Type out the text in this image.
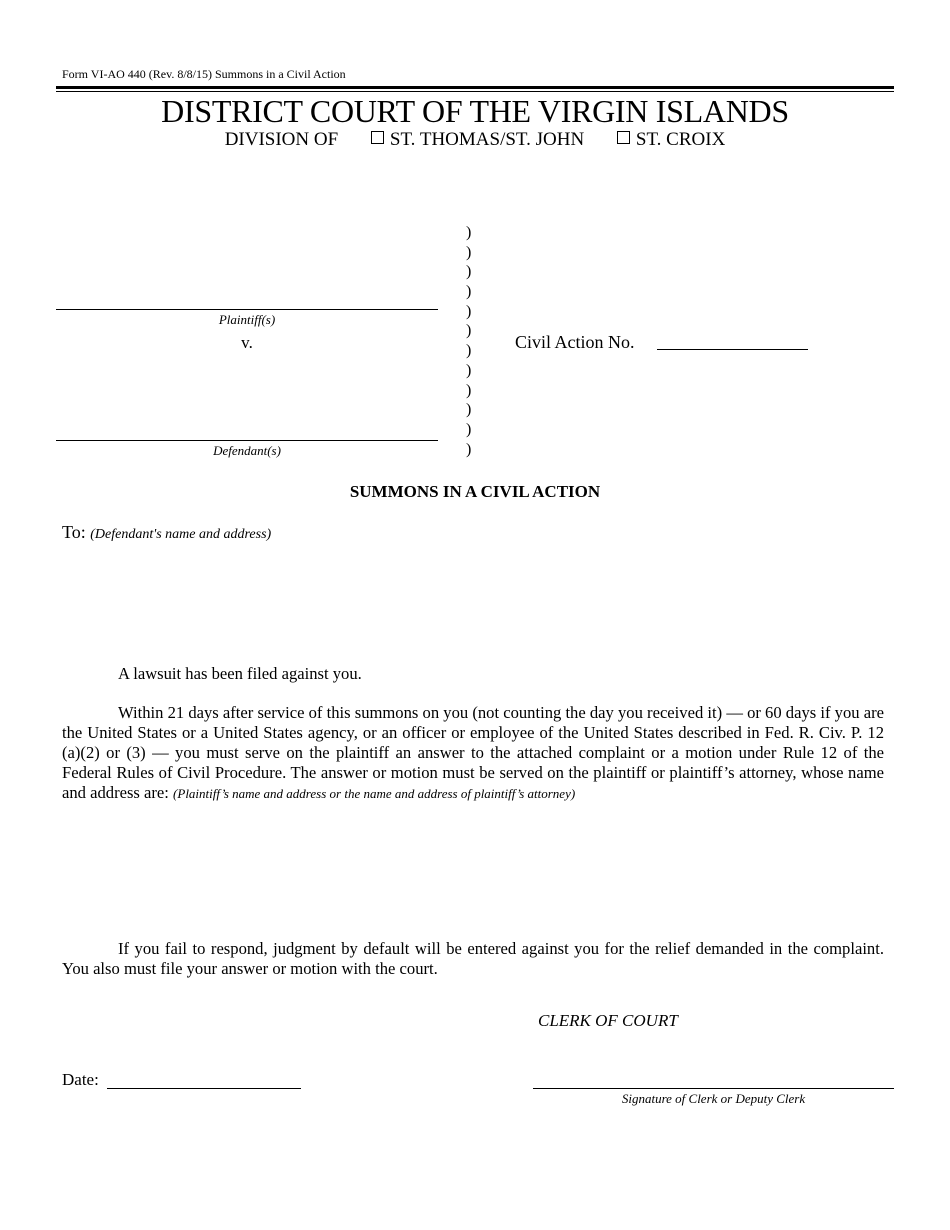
Form VI-AO 440 (Rev. 8/8/15) Summons in a Civil Action
DISTRICT COURT OF THE VIRGIN ISLANDS
DIVISION OF	ST. THOMAS/ST. JOHN	ST. CROIX
Plaintiff(s)
v.
Defendant(s)
)
)
)
)
)
)
)
)
)
)
)
)
Civil Action No.
SUMMONS IN A CIVIL ACTION
To: (Defendant's name and address)
A lawsuit has been filed against you.
Within 21 days after service of this summons on you (not counting the day you received it) — or 60 days if you are the United States or a United States agency, or an officer or employee of the United States described in Fed. R. Civ. P. 12 (a)(2) or (3) — you must serve on the plaintiff an answer to the attached complaint or a motion under Rule 12 of the Federal Rules of Civil Procedure. The answer or motion must be served on the plaintiff or plaintiff’s attorney, whose name and address are: (Plaintiff’s name and address or the name and address of plaintiff’s attorney)
If you fail to respond, judgment by default will be entered against you for the relief demanded in the complaint. You also must file your answer or motion with the court.
CLERK OF COURT
Date:
Signature of Clerk or Deputy Clerk
